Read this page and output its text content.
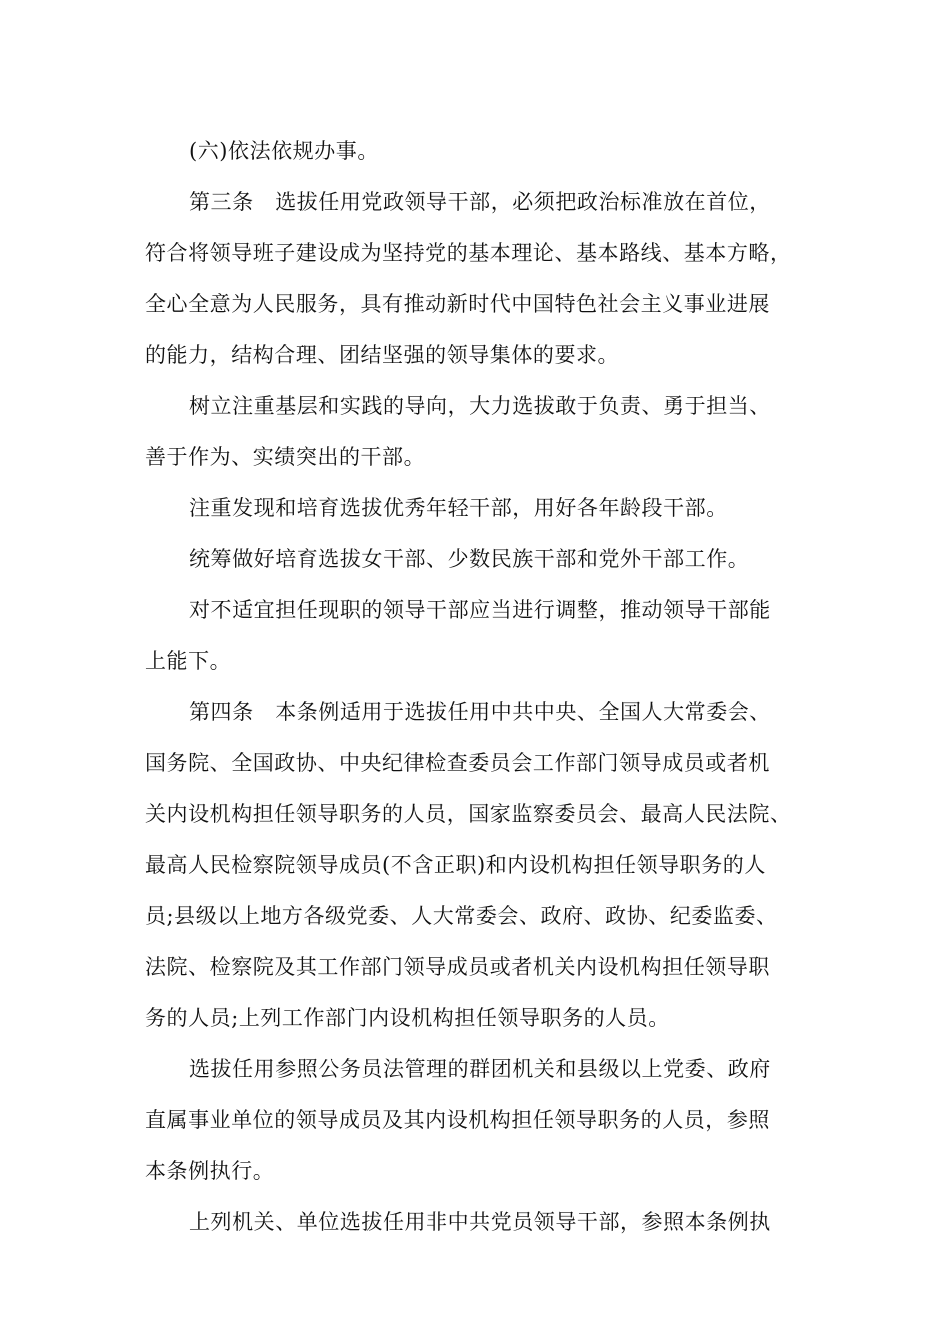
(六)依法依规办事。
第三条　选拔任用党政领导干部，必须把政治标准放在首位，
符合将领导班子建设成为坚持党的基本理论、基本路线、基本方略，
全心全意为人民服务，具有推动新时代中国特色社会主义事业进展
的能力，结构合理、团结坚强的领导集体的要求。
树立注重基层和实践的导向，大力选拔敢于负责、勇于担当、
善于作为、实绩突出的干部。
注重发现和培育选拔优秀年轻干部，用好各年龄段干部。
统筹做好培育选拔女干部、少数民族干部和党外干部工作。
对不适宜担任现职的领导干部应当进行调整，推动领导干部能
上能下。
第四条　本条例适用于选拔任用中共中央、全国人大常委会、
国务院、全国政协、中央纪律检查委员会工作部门领导成员或者机
关内设机构担任领导职务的人员，国家监察委员会、最高人民法院、
最高人民检察院领导成员(不含正职)和内设机构担任领导职务的人
员;县级以上地方各级党委、人大常委会、政府、政协、纪委监委、
法院、检察院及其工作部门领导成员或者机关内设机构担任领导职
务的人员;上列工作部门内设机构担任领导职务的人员。
选拔任用参照公务员法管理的群团机关和县级以上党委、政府
直属事业单位的领导成员及其内设机构担任领导职务的人员，参照
本条例执行。
上列机关、单位选拔任用非中共党员领导干部，参照本条例执
